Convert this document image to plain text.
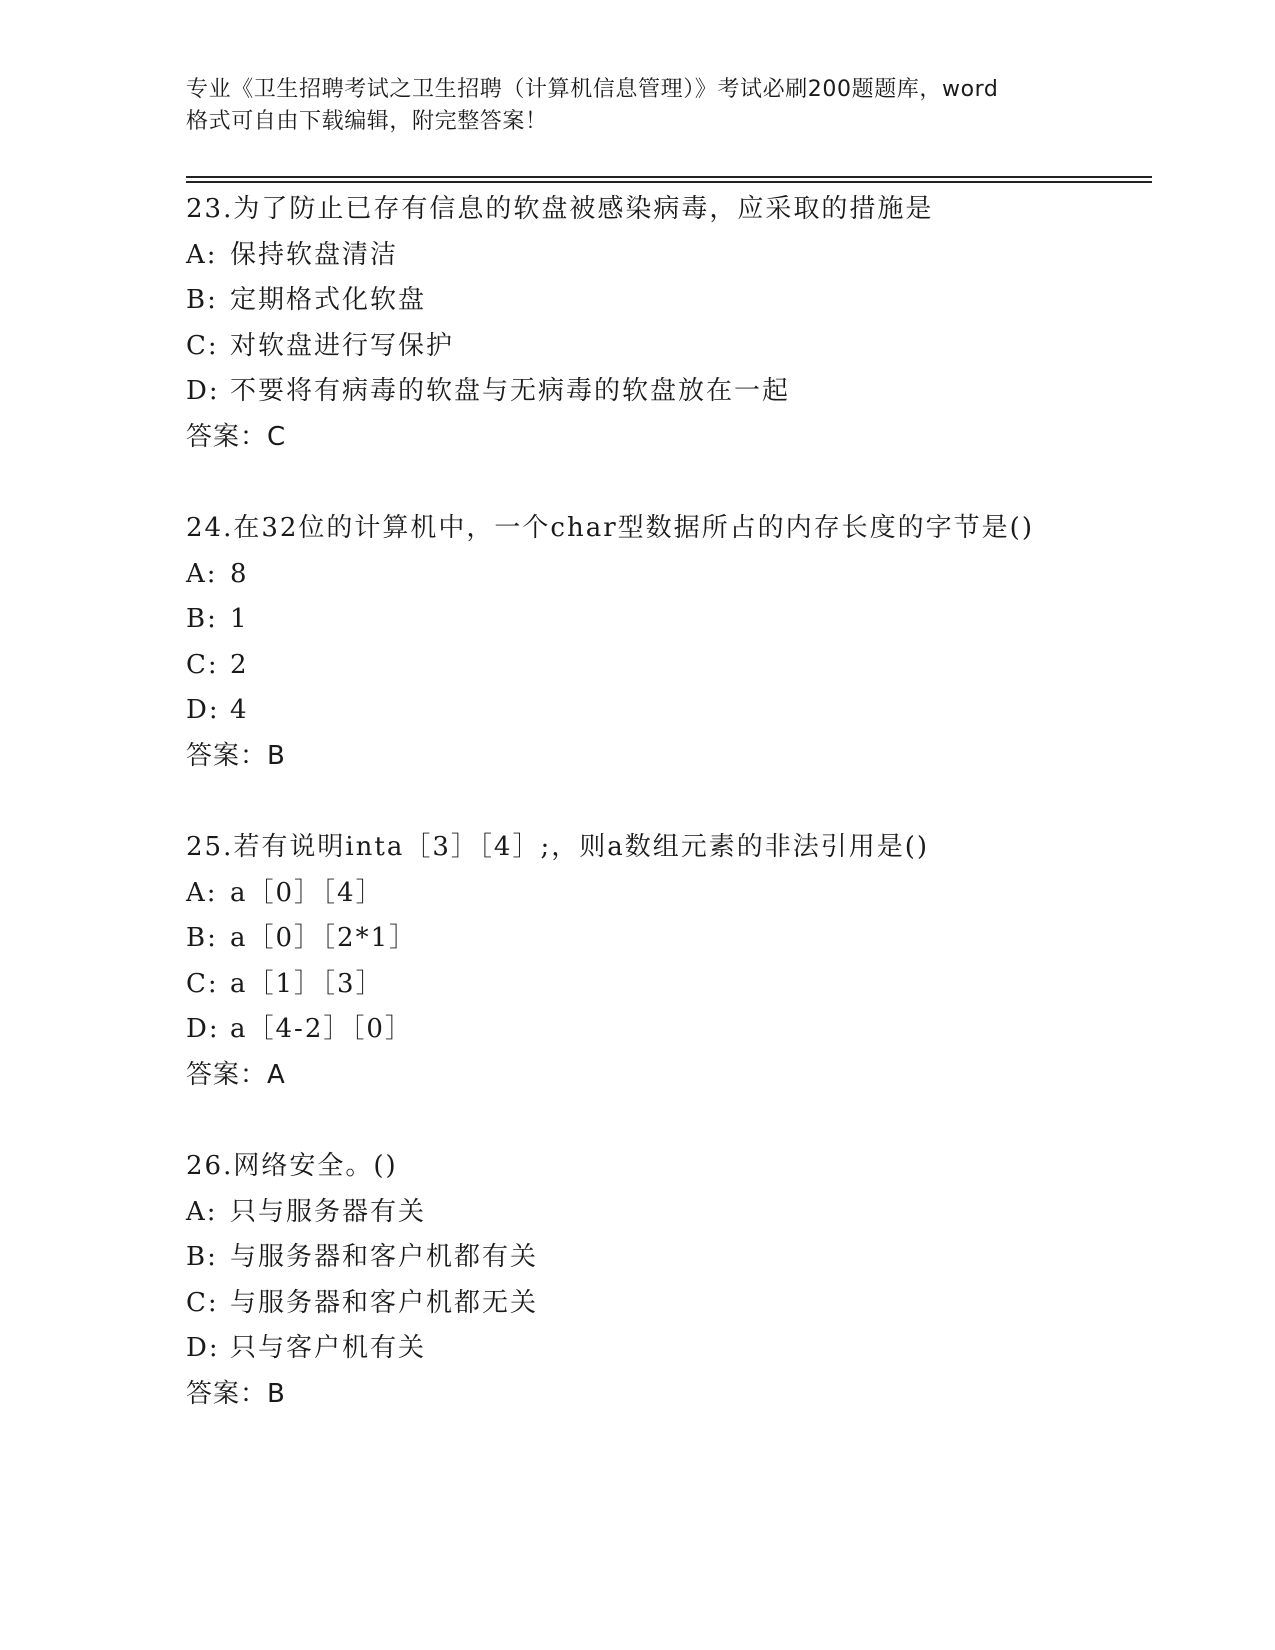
专业《卫生招聘考试之卫生招聘（计算机信息管理）》考试必刷200题题库，word
格式可自由下载编辑，附完整答案！
23.为了防止已存有信息的软盘被感染病毒，应采取的措施是
A: 保持软盘清洁
B: 定期格式化软盘
C: 对软盘进行写保护
D: 不要将有病毒的软盘与无病毒的软盘放在一起
答案：C
24.在32位的计算机中，一个char型数据所占的内存长度的字节是()
A: 8
B: 1
C: 2
D: 4
答案：B
25.若有说明inta［3］［4］;，则a数组元素的非法引用是()
A: a［0］［4］
B: a［0］［2*1］
C: a［1］［3］
D: a［4-2］［0］
答案：A
26.网络安全。()
A: 只与服务器有关
B: 与服务器和客户机都有关
C: 与服务器和客户机都无关
D: 只与客户机有关
答案：B
